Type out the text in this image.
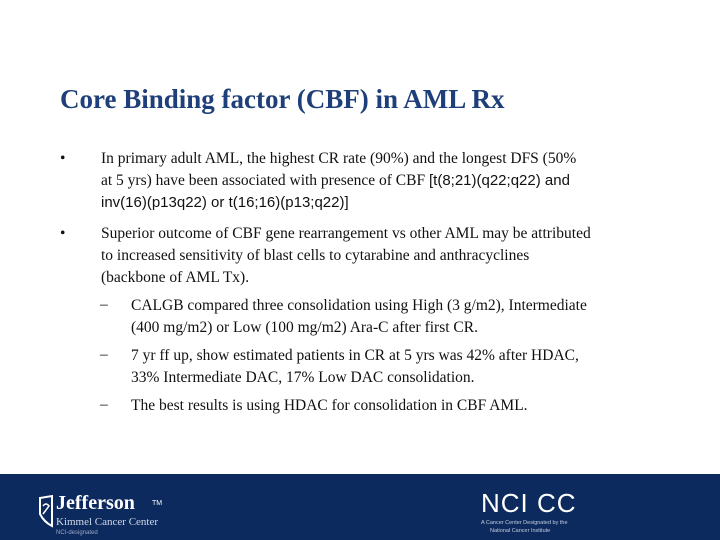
Core Binding factor (CBF) in AML Rx
• In primary adult AML, the highest CR rate (90%) and the longest DFS (50%
at 5 yrs) have been associated with presence of CBF [t(8;21)(q22;q22) and
inv(16)(p13q22) or t(16;16)(p13;q22)]
• Superior outcome of CBF gene rearrangement vs other AML may be attributed
to increased sensitivity of blast cells to cytarabine and anthracyclines
(backbone of AML Tx).
– CALGB compared three consolidation using High (3 g/m2), Intermediate
(400 mg/m2) or Low (100 mg/m2) Ara-C after first CR.
– 7 yr ff up, show estimated patients in CR at 5 yrs was 42% after HDAC,
33% Intermediate DAC, 17% Low DAC consolidation.
– The best results is using HDAC for consolidation in CBF AML.
Jefferson TM
Kimmel Cancer Center
NCI-designated
NCI CC
A Cancer Center Designated by the
National Cancer Institute
